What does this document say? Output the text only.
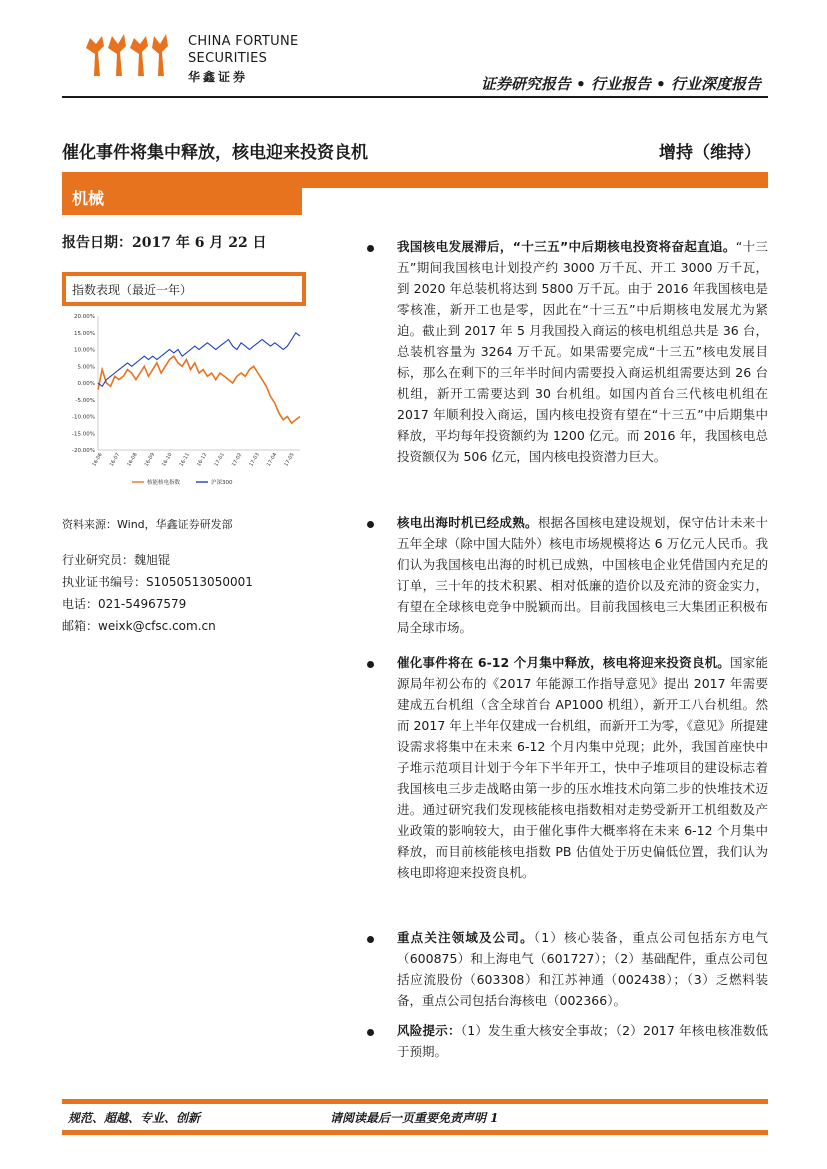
CHINA FORTUNE
SECURITIES
华鑫证券	证券研究报告 • 行业报告 • 行业深度报告
催化事件将集中释放，核电迎来投资良机	增持（维持）
机械
报告日期：2017 年 6 月 22 日
指数表现（最近一年）
20.00%
15.00%
10.00%
5.00%
0.00%
-5.00%
-10.00%
-15.00%
-20.00%
16-06 16-07 16-08 16-09 16-10 16-11 16-12 17-01 17-02 17-03 17-04 17-05
核能核电指数	沪深300
资料来源：Wind，华鑫证券研发部
行业研究员：魏旭锟
执业证书编号：S1050513050001
电话：021-54967579
邮箱：weixk@cfsc.com.cn
我国核电发展滞后，“十三五”中后期核电投资将奋起直追。“十三五”期间我国核电计划投产约 3000 万千瓦、开工 3000 万千瓦，到 2020 年总装机将达到 5800 万千瓦。由于 2016 年我国核电是零核准，新开工也是零，因此在“十三五”中后期核电发展尤为紧迫。截止到 2017 年 5 月我国投入商运的核电机组总共是 36 台，总装机容量为 3264 万千瓦。如果需要完成“十三五”核电发展目标，那么在剩下的三年半时间内需要投入商运机组需要达到 26 台机组，新开工需要达到 30 台机组。如国内首台三代核电机组在 2017 年顺利投入商运，国内核电投资有望在“十三五”中后期集中释放，平均每年投资额约为 1200 亿元。而 2016 年，我国核电总投资额仅为 506 亿元，国内核电投资潜力巨大。
核电出海时机已经成熟。根据各国核电建设规划，保守估计未来十五年全球（除中国大陆外）核电市场规模将达 6 万亿元人民币。我们认为我国核电出海的时机已成熟，中国核电企业凭借国内充足的订单，三十年的技术积累、相对低廉的造价以及充沛的资金实力，有望在全球核电竞争中脱颖而出。目前我国核电三大集团正积极布局全球市场。
催化事件将在 6-12 个月集中释放，核电将迎来投资良机。国家能源局年初公布的《2017 年能源工作指导意见》提出 2017 年需要建成五台机组（含全球首台 AP1000 机组），新开工八台机组。然而 2017 年上半年仅建成一台机组，而新开工为零，《意见》所提建设需求将集中在未来 6-12 个月内集中兑现；此外，我国首座快中子堆示范项目计划于今年下半年开工，快中子堆项目的建设标志着我国核电三步走战略由第一步的压水堆技术向第二步的快堆技术迈进。通过研究我们发现核能核电指数相对走势受新开工机组数及产业政策的影响较大，由于催化事件大概率将在未来 6-12 个月集中释放，而目前核能核电指数 PB 估值处于历史偏低位置，我们认为核电即将迎来投资良机。
重点关注领域及公司。（1）核心装备，重点公司包括东方电气（600875）和上海电气（601727）；（2）基础配件，重点公司包括应流股份（603308）和江苏神通（002438）；（3）乏燃料装备，重点公司包括台海核电（002366）。
风险提示：（1）发生重大核安全事故；（2）2017 年核电核准数低于预期。
规范、超越、专业、创新	请阅读最后一页重要免责声明 1
